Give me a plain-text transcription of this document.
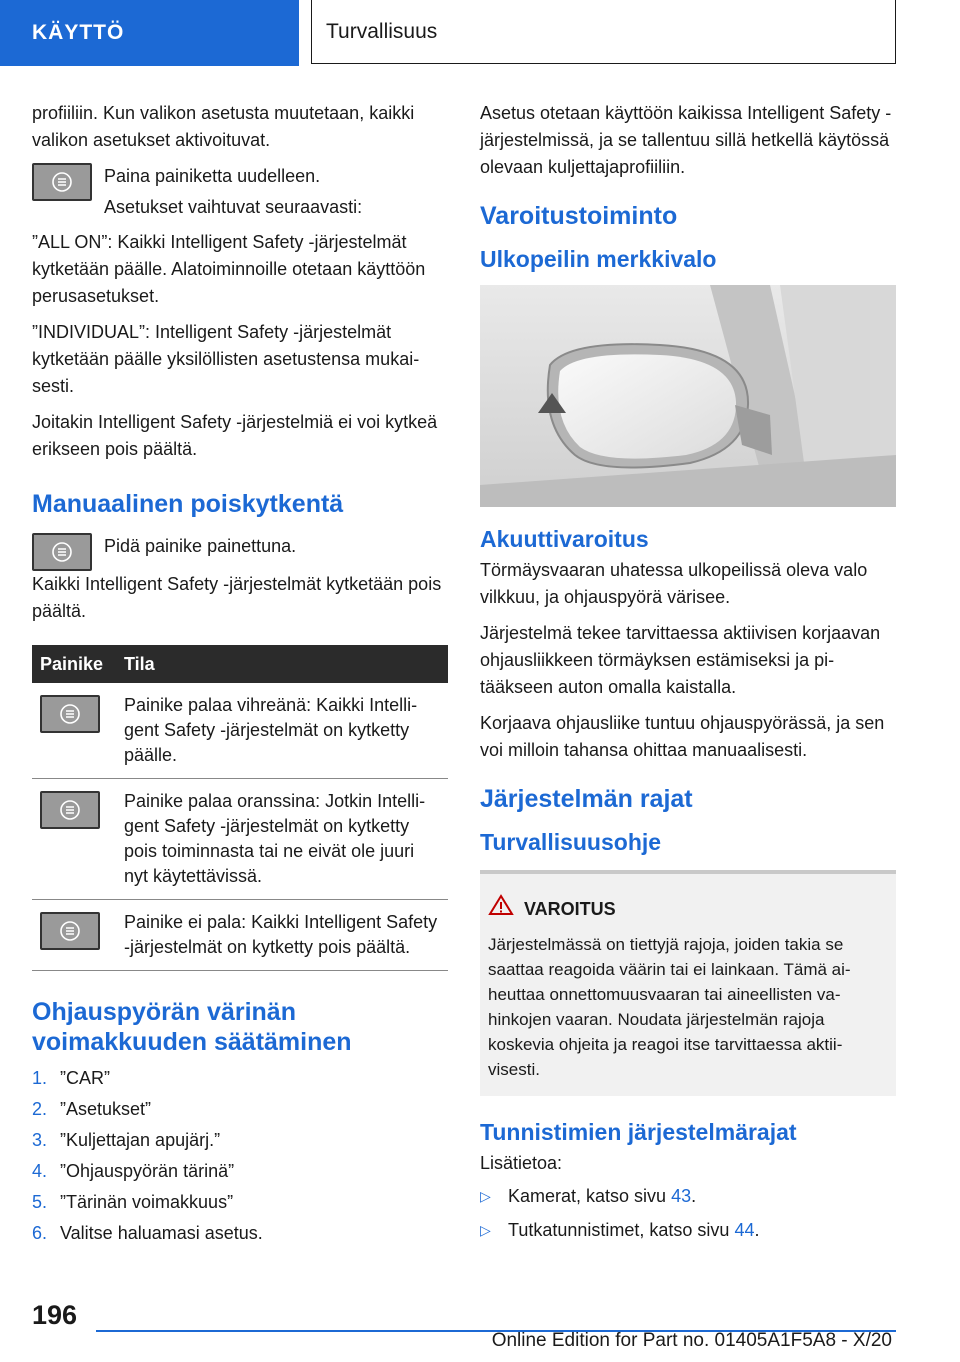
KÄYTTÖ	Turvallisuus

profiiliin. Kun valikon asetusta muutetaan, kaikki valikon asetukset aktivoituvat.

Paina painiketta uudelleen.

Asetukset vaihtuvat seuraavasti:

”ALL ON”: Kaikki Intelligent Safety -järjestelmät kytketään päälle. Alatoiminnoille otetaan käyttöön perusasetukset.

”INDIVIDUAL”: Intelligent Safety -järjestelmät kytketään päälle yksilöllisten asetustensa mukaisesti.

Joitakin Intelligent Safety -järjestelmiä ei voi kytkeä erikseen pois päältä.

Manuaalinen poiskytkentä

Pidä painike painettuna.

Kaikki Intelligent Safety -järjestelmät kytketään pois päältä.

Painike	Tila

	Painike palaa vihreänä: Kaikki Intelligent Safety -järjestelmät on kytketty päälle.

	Painike palaa oranssina: Jotkin Intelligent Safety -järjestelmät on kytketty pois toiminnasta tai ne eivät ole juuri nyt käytettävissä.

	Painike ei pala: Kaikki Intelligent Safety -järjestelmät on kytketty pois päältä.
Ohjauspyörän värinän voimakkuuden säätäminen
1. ”CAR”
2. ”Asetukset”
3. ”Kuljettajan apujärj.”
4. ”Ohjauspyörän tärinä”
5. ”Tärinän voimakkuus”
6. Valitse haluamasi asetus.

Asetus otetaan käyttöön kaikissa Intelligent Safety -järjestelmissä, ja se tallentuu sillä hetkellä käytössä olevaan kuljettajaprofiiliin.

Varoitustoiminto
Ulkopeilin merkkivalo
Akuuttivaroitus

Törmäysvaaran uhatessa ulkopeilissä oleva valo vilkkuu, ja ohjauspyörä värisee.

Järjestelmä tekee tarvittaessa aktiivisen korjaavan ohjausliikkeen törmäyksen estämiseksi ja pitääkseen auton omalla kaistalla.

Korjaava ohjausliike tuntuu ohjauspyörässä, ja sen voi milloin tahansa ohittaa manuaalisesti.

Järjestelmän rajat
Turvallisuusohje
VAROITUS

Järjestelmässä on tiettyjä rajoja, joiden takia se saattaa reagoida väärin tai ei lainkaan. Tämä aiheuttaa onnettomuusvaaran tai aineellisten vahinkojen vaaran. Noudata järjestelmän rajoja koskevia ohjeita ja reagoi itse tarvittaessa aktiivisesti.

Tunnistimien järjestelmärajat

Lisätietoa:

▷ Kamerat, katso sivu 43.
▷ Tutkatunnistimet, katso sivu 44.
196
Online Edition for Part no. 01405A1F5A8 - X/20
